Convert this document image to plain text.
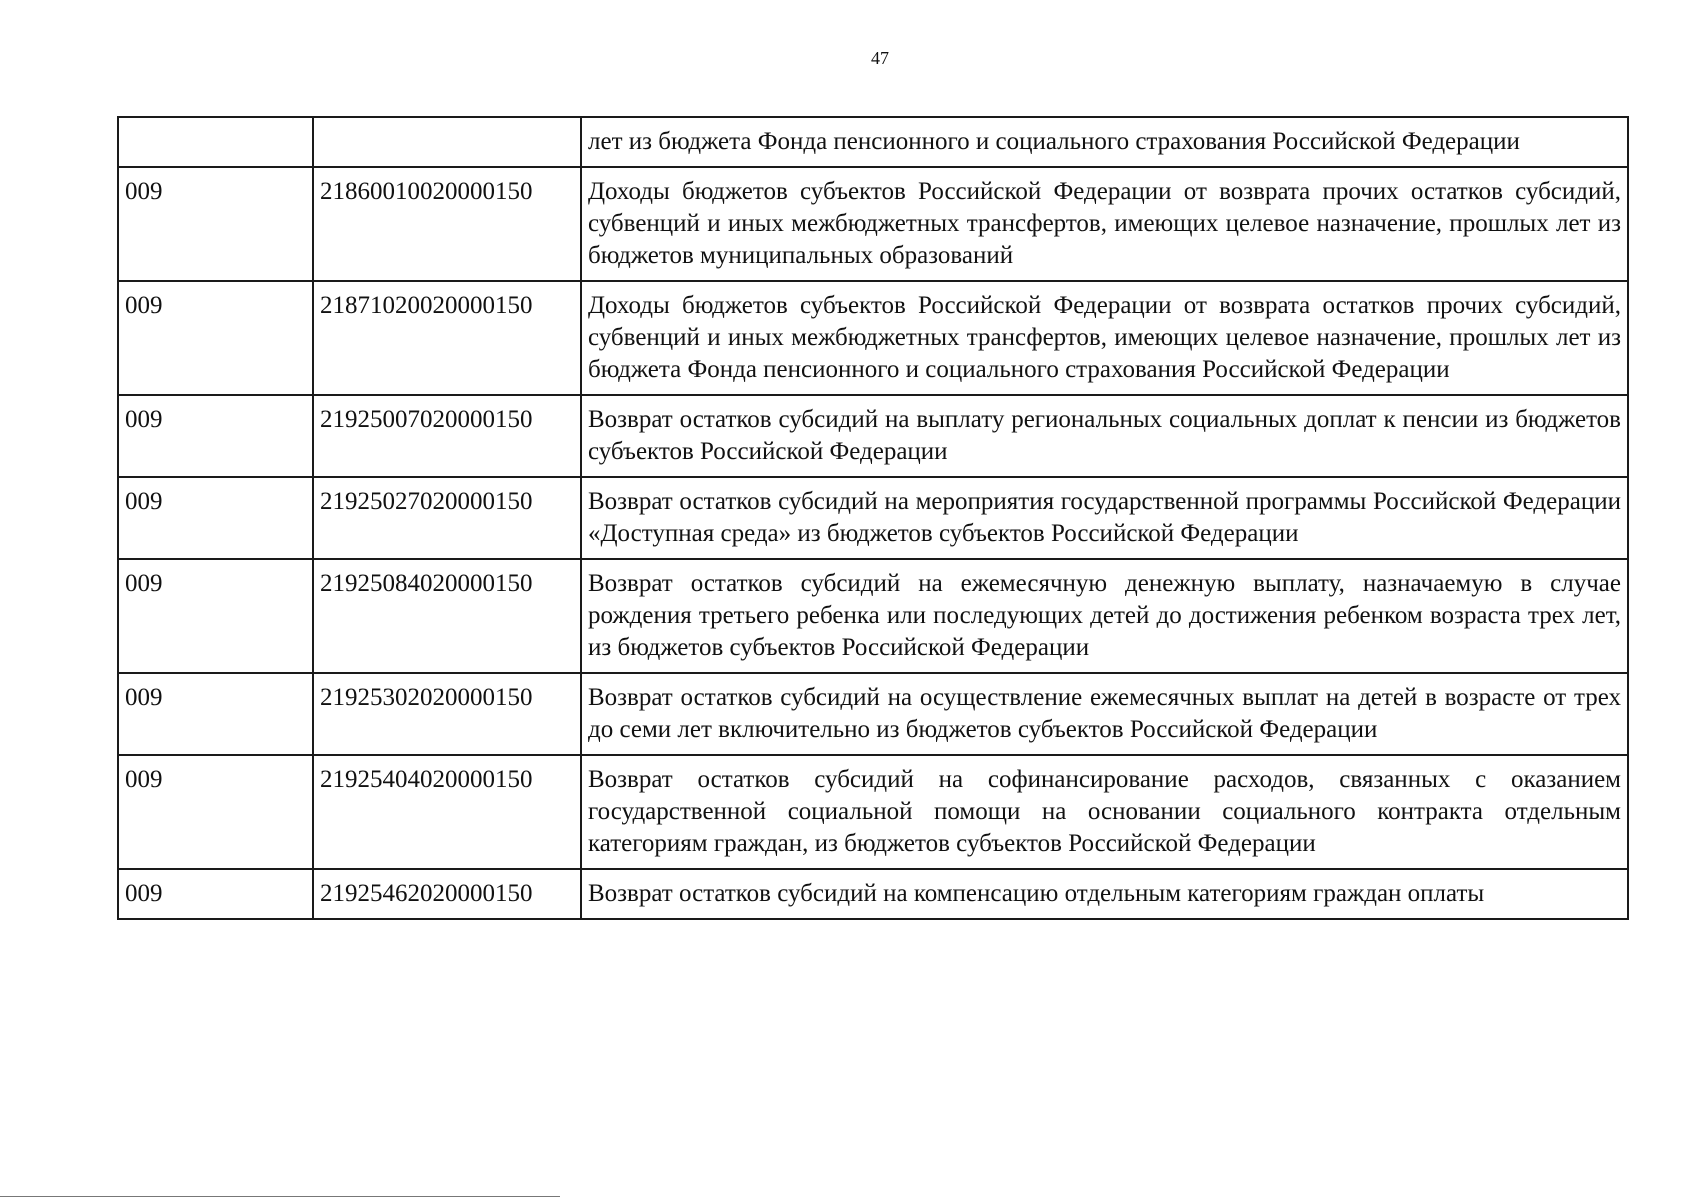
47
		лет из бюджета Фонда пенсионного и социального страхования Российской Федерации
009	21860010020000150	Доходы бюджетов субъектов Российской Федерации от возврата прочих остатков субсидий, субвенций и иных межбюджетных трансфертов, имеющих целевое назначение, прошлых лет из бюджетов муниципальных образований
009	21871020020000150	Доходы бюджетов субъектов Российской Федерации от возврата остатков прочих субсидий, субвенций и иных межбюджетных трансфертов, имеющих целевое назначение, прошлых лет из бюджета Фонда пенсионного и социального страхования Российской Федерации
009	21925007020000150	Возврат остатков субсидий на выплату региональных социальных доплат к пенсии из бюджетов субъектов Российской Федерации
009	21925027020000150	Возврат остатков субсидий на мероприятия государственной программы Российской Федерации «Доступная среда» из бюджетов субъектов Российской Федерации
009	21925084020000150	Возврат остатков субсидий на ежемесячную денежную выплату, назначаемую в случае рождения третьего ребенка или последующих детей до достижения ребенком возраста трех лет, из бюджетов субъектов Российской Федерации
009	21925302020000150	Возврат остатков субсидий на осуществление ежемесячных выплат на детей в возрасте от трех до семи лет включительно из бюджетов субъектов Российской Федерации
009	21925404020000150	Возврат остатков субсидий на софинансирование расходов, связанных с оказанием государственной социальной помощи на основании социального контракта отдельным категориям граждан, из бюджетов субъектов Российской Федерации
009	21925462020000150	Возврат остатков субсидий на компенсацию отдельным категориям граждан оплаты
